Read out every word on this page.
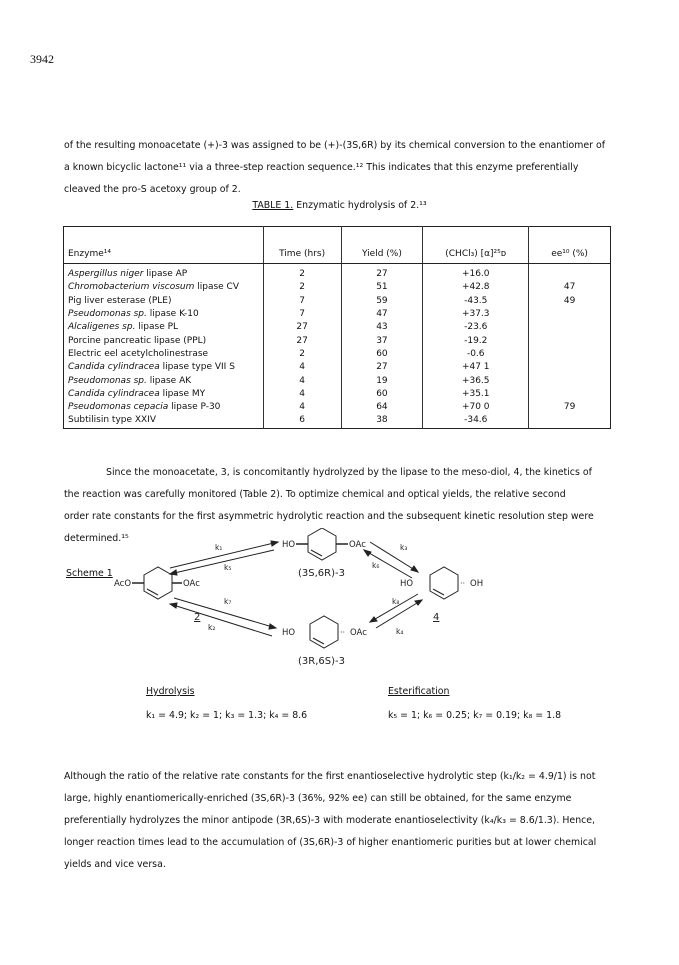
3942
of the resulting monoacetate (+)-3 was assigned to be (+)-(3S,6R) by its chemical conversion to the enantiomer of
a known bicyclic lactone¹¹ via a three-step reaction sequence.¹² This indicates that this enzyme preferentially
cleaved the pro-S acetoxy group of 2.
TABLE 1. Enzymatic hydrolysis of 2.¹³
Enzyme¹⁴	Time (hrs)	Yield (%)	(CHCl₃) [α]²⁵ᴅ	ee¹⁰ (%)
Aspergillus niger lipase AP	2	27	+16.0	
Chromobacterium viscosum lipase CV	2	51	+42.8	47
Pig liver esterase (PLE)	7	59	-43.5	49
Pseudomonas sp. lipase K-10	7	47	+37.3	
Alcaligenes sp. lipase PL	27	43	-23.6	
Porcine pancreatic lipase (PPL)	27	37	-19.2	
Electric eel acetylcholinestrase	2	60	-0.6	
Candida cylindracea lipase type VII S	4	27	+47 1	
Pseudomonas sp. lipase AK	4	19	+36.5	
Candida cylindracea lipase MY	4	60	+35.1	
Pseudomonas cepacia lipase P-30	4	64	+70 0	79
Subtilisin type XXIV	6	38	-34.6	
Since the monoacetate, 3, is concomitantly hydrolyzed by the lipase to the meso-diol, 4, the kinetics of
the reaction was carefully monitored (Table 2). To optimize chemical and optical yields, the relative second
order rate constants for the first asymmetric hydrolytic reaction and the subsequent kinetic resolution step were
determined.¹⁵
Scheme 1
HO	OAc
(3S,6R)-3
AcO	OAc
2
HO	·· OH
4
HO	·· OAc
(3R,6S)-3
k₁
k₅
k₃
k₆
k₇
k₂
k₈
k₄
Hydrolysis	Esterification
k₁ = 4.9; k₂ = 1; k₃ = 1.3; k₄ = 8.6	k₅ = 1; k₆ = 0.25; k₇ = 0.19; k₈ = 1.8
Although the ratio of the relative rate constants for the first enantioselective hydrolytic step (k₁/k₂ = 4.9/1) is not
large, highly enantiomerically-enriched (3S,6R)-3 (36%, 92% ee) can still be obtained, for the same enzyme
preferentially hydrolyzes the minor antipode (3R,6S)-3 with moderate enantioselectivity (k₄/k₃ = 8.6/1.3). Hence,
longer reaction times lead to the accumulation of (3S,6R)-3 of higher enantiomeric purities but at lower chemical
yields and vice versa.
